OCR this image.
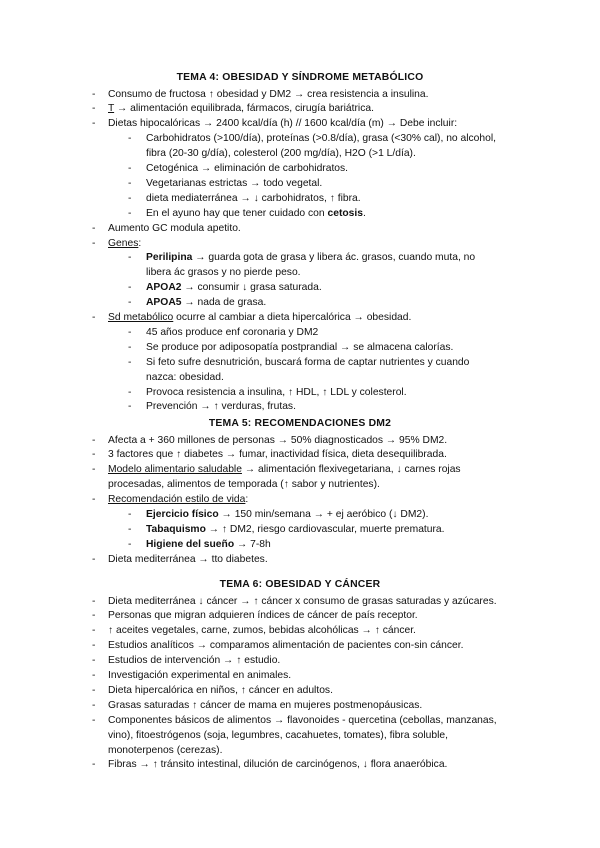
TEMA 4: OBESIDAD Y SÍNDROME METABÓLICO
- Consumo de fructosa ↑ obesidad y DM2 → crea resistencia a insulina.
- T → alimentación equilibrada, fármacos, cirugía bariátrica.
- Dietas hipocalóricas → 2400 kcal/día (h) // 1600 kcal/día (m) → Debe incluir:
- Carbohidratos (>100/día), proteínas (>0.8/día), grasa (<30% cal), no alcohol,
fibra (20-30 g/día), colesterol (200 mg/día), H2O (>1 L/día).
- Cetogénica → eliminación de carbohidratos.
- Vegetarianas estrictas → todo vegetal.
- dieta mediaterránea → ↓ carbohidratos, ↑ fibra.
- En el ayuno hay que tener cuidado con cetosis.
- Aumento GC modula apetito.
- Genes:
- Perilipina → guarda gota de grasa y libera ác. grasos, cuando muta, no
libera ác grasos y no pierde peso.
- APOA2 → consumir ↓ grasa saturada.
- APOA5 → nada de grasa.
- Sd metabólico ocurre al cambiar a dieta hipercalórica → obesidad.
- 45 años produce enf coronaria y DM2
- Se produce por adiposopatía postprandial → se almacena calorías.
- Si feto sufre desnutrición, buscará forma de captar nutrientes y cuando
nazca: obesidad.
- Provoca resistencia a insulina, ↑ HDL, ↑ LDL y colesterol.
- Prevención → ↑ verduras, frutas.
TEMA 5: RECOMENDACIONES DM2
- Afecta a + 360 millones de personas → 50% diagnosticados → 95% DM2.
- 3 factores que ↑ diabetes → fumar, inactividad física, dieta desequilibrada.
- Modelo alimentario saludable → alimentación flexivegetariana, ↓ carnes rojas
procesadas, alimentos de temporada (↑ sabor y nutrientes).
- Recomendación estilo de vida:
- Ejercicio físico → 150 min/semana → + ej aeróbico (↓ DM2).
- Tabaquismo → ↑ DM2, riesgo cardiovascular, muerte prematura.
- Higiene del sueño → 7-8h
- Dieta mediterránea → tto diabetes.
TEMA 6: OBESIDAD Y CÁNCER
- Dieta mediterránea ↓ cáncer → ↑ cáncer x consumo de grasas saturadas y azúcares.
- Personas que migran adquieren índices de cáncer de país receptor.
- ↑ aceites vegetales, carne, zumos, bebidas alcohólicas → ↑ cáncer.
- Estudios analíticos → comparamos alimentación de pacientes con-sin cáncer.
- Estudios de intervención → ↑ estudio.
- Investigación experimental en animales.
- Dieta hipercalórica en niños, ↑ cáncer en adultos.
- Grasas saturadas ↑ cáncer de mama en mujeres postmenopáusicas.
- Componentes básicos de alimentos → flavonoides - quercetina (cebollas, manzanas,
vino), fitoestrógenos (soja, legumbres, cacahuetes, tomates), fibra soluble,
monoterpenos (cerezas).
- Fibras → ↑ tránsito intestinal, dilución de carcinógenos, ↓ flora anaeróbica.
